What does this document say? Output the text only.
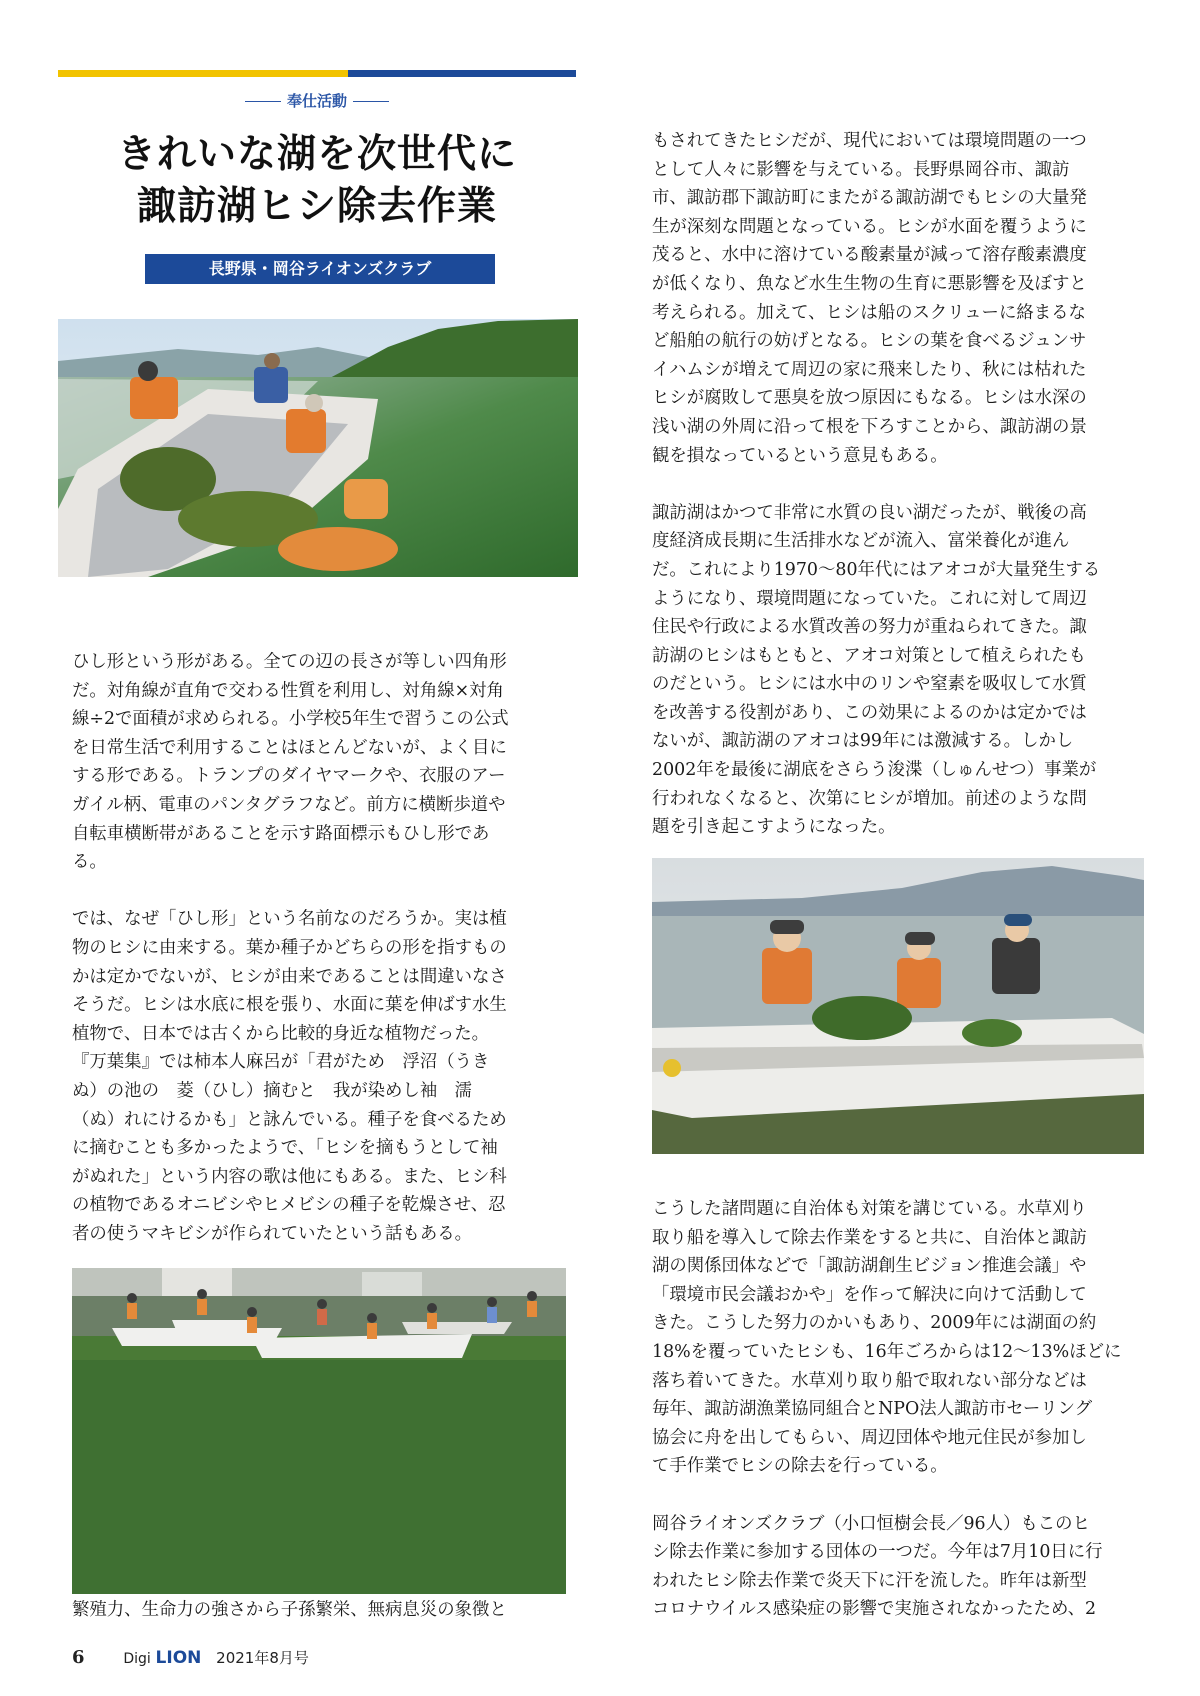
奉仕活動
きれいな湖を次世代に
諏訪湖ヒシ除去作業
長野県・岡谷ライオンズクラブ

ひし形という形がある。全ての辺の長さが等しい四角形

だ。対角線が直角で交わる性質を利用し、対角線×対角

線÷2で面積が求められる。小学校5年生で習うこの公式

を日常生活で利用することはほとんどないが、よく目に

する形である。トランプのダイヤマークや、衣服のアー

ガイル柄、電車のパンタグラフなど。前方に横断歩道や

自転車横断帯があることを示す路面標示もひし形であ

る。

では、なぜ「ひし形」という名前なのだろうか。実は植

物のヒシに由来する。葉か種子かどちらの形を指すもの

かは定かでないが、ヒシが由来であることは間違いなさ

そうだ。ヒシは水底に根を張り、水面に葉を伸ばす水生

植物で、日本では古くから比較的身近な植物だった。

『万葉集』では柿本人麻呂が「君がため　浮沼（うき

ぬ）の池の　菱（ひし）摘むと　我が染めし袖　濡

（ぬ）れにけるかも」と詠んでいる。種子を食べるため

に摘むことも多かったようで、「ヒシを摘もうとして袖

がぬれた」という内容の歌は他にもある。また、ヒシ科

の植物であるオニビシやヒメビシの種子を乾燥させ、忍

者の使うマキビシが作られていたという話もある。

繁殖力、生命力の強さから子孫繁栄、無病息災の象徴と

もされてきたヒシだが、現代においては環境問題の一つ

として人々に影響を与えている。長野県岡谷市、諏訪

市、諏訪郡下諏訪町にまたがる諏訪湖でもヒシの大量発

生が深刻な問題となっている。ヒシが水面を覆うように

茂ると、水中に溶けている酸素量が減って溶存酸素濃度

が低くなり、魚など水生生物の生育に悪影響を及ぼすと

考えられる。加えて、ヒシは船のスクリューに絡まるな

ど船舶の航行の妨げとなる。ヒシの葉を食べるジュンサ

イハムシが増えて周辺の家に飛来したり、秋には枯れた

ヒシが腐敗して悪臭を放つ原因にもなる。ヒシは水深の

浅い湖の外周に沿って根を下ろすことから、諏訪湖の景

観を損なっているという意見もある。

諏訪湖はかつて非常に水質の良い湖だったが、戦後の高

度経済成長期に生活排水などが流入、富栄養化が進ん

だ。これにより1970～80年代にはアオコが大量発生する

ようになり、環境問題になっていた。これに対して周辺

住民や行政による水質改善の努力が重ねられてきた。諏

訪湖のヒシはもともと、アオコ対策として植えられたも

のだという。ヒシには水中のリンや窒素を吸収して水質

を改善する役割があり、この効果によるのかは定かでは

ないが、諏訪湖のアオコは99年には激減する。しかし

2002年を最後に湖底をさらう浚渫（しゅんせつ）事業が

行われなくなると、次第にヒシが増加。前述のような問

題を引き起こすようになった。

こうした諸問題に自治体も対策を講じている。水草刈り

取り船を導入して除去作業をすると共に、自治体と諏訪

湖の関係団体などで「諏訪湖創生ビジョン推進会議」や

「環境市民会議おかや」を作って解決に向けて活動して

きた。こうした努力のかいもあり、2009年には湖面の約

18%を覆っていたヒシも、16年ごろからは12～13%ほどに

落ち着いてきた。水草刈り取り船で取れない部分などは

毎年、諏訪湖漁業協同組合とNPO法人諏訪市セーリング

協会に舟を出してもらい、周辺団体や地元住民が参加し

て手作業でヒシの除去を行っている。

岡谷ライオンズクラブ（小口恒樹会長／96人）もこのヒ

シ除去作業に参加する団体の一つだ。今年は7月10日に行

われたヒシ除去作業で炎天下に汗を流した。昨年は新型

コロナウイルス感染症の影響で実施されなかったため、2

6	Digi LION 2021年8月号
